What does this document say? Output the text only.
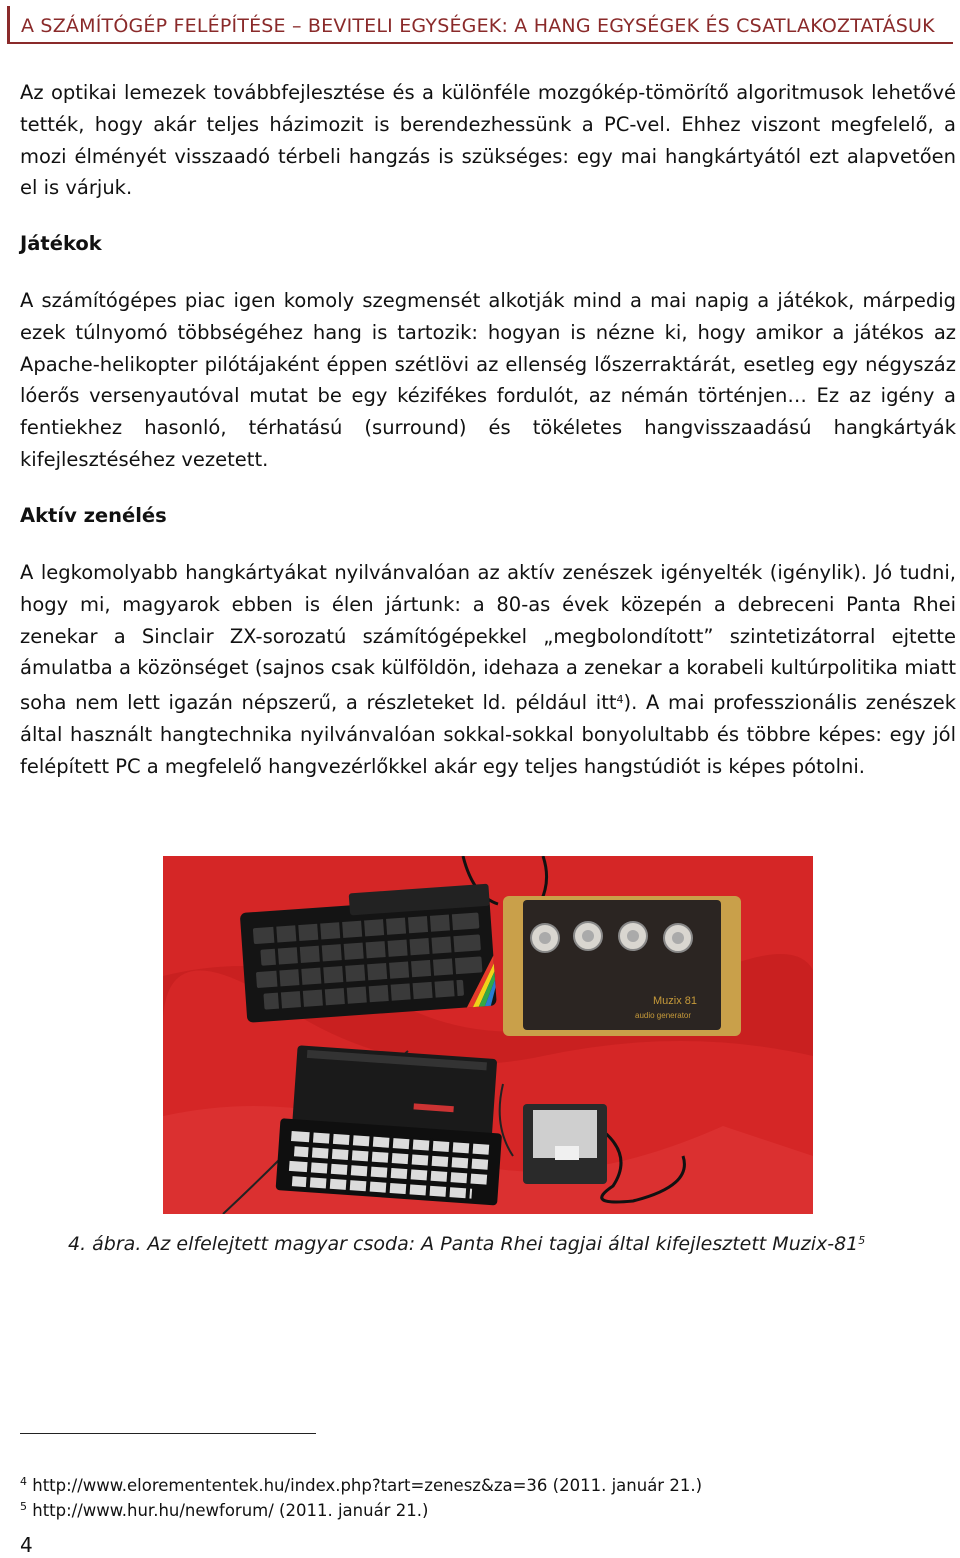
A SZÁMÍTÓGÉP FELÉPÍTÉSE – BEVITELI EGYSÉGEK: A HANG EGYSÉGEK ÉS CSATLAKOZTATÁSUK

Az optikai lemezek továbbfejlesztése és a különféle mozgókép-tömörítő algoritmusok lehetővé tették, hogy akár teljes házimozit is berendezhessünk a PC-vel. Ehhez viszont megfelelő, a mozi élményét visszaadó térbeli hangzás is szükséges: egy mai hangkártyától ezt alapvetően el is várjuk.

Játékok

A számítógépes piac igen komoly szegmensét alkotják mind a mai napig a játékok, márpedig ezek túlnyomó többségéhez hang is tartozik: hogyan is nézne ki, hogy amikor a játékos az Apache-helikopter pilótájaként éppen szétlövi az ellenség lőszerraktárát, esetleg egy négyszáz lóerős versenyautóval mutat be egy kézifékes fordulót, az némán történjen… Ez az igény a fentiekhez hasonló, térhatású (surround) és tökéletes hangvisszaadású hangkártyák kifejlesztéséhez vezetett.

Aktív zenélés

A legkomolyabb hangkártyákat nyilvánvalóan az aktív zenészek igényelték (igénylik). Jó tudni, hogy mi, magyarok ebben is élen jártunk: a 80-as évek közepén a debreceni Panta Rhei zenekar a Sinclair ZX-sorozatú számítógépekkel „megbolondított” szintetizátorral ejtette ámulatba a közönséget (sajnos csak külföldön, idehaza a zenekar a korabeli kultúrpolitika miatt soha nem lett igazán népszerű, a részleteket ld. például itt$^4$). A mai professzionális zenészek által használt hangtechnika nyilvánvalóan sokkal-sokkal bonyolultabb és többre képes: egy jól felépített PC a megfelelő hangvezérlőkkel akár egy teljes hangstúdiót is képes pótolni.

Muzix 81
audio generator
4. ábra. Az elfelejtett magyar csoda: A Panta Rhei tagjai által kifejlesztett Muzix-$81^5$
$^4$ http://www.eloremententek.hu/index.php?tart=zenesz&za=36 (2011. január 21.)
$^5$ http://www.hur.hu/newforum/ (2011. január 21.)
4
